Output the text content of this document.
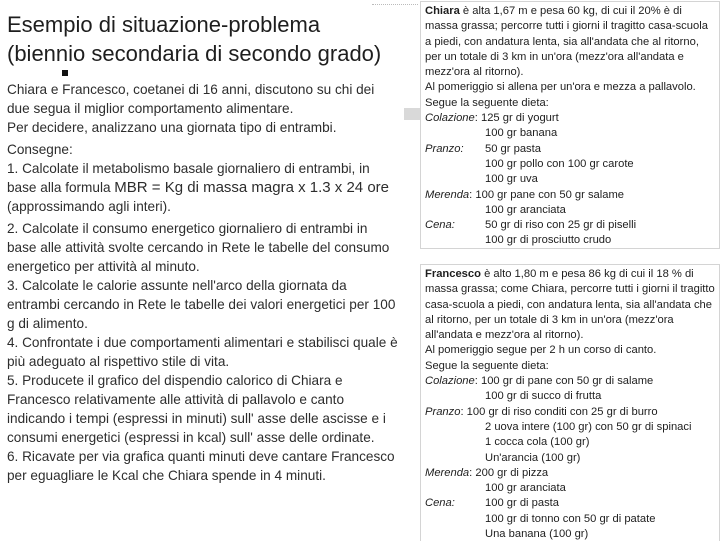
Esempio di situazione-problema
(biennio secondaria di secondo grado)

Chiara e Francesco, coetanei di 16 anni, discutono su chi dei due segua il miglior comportamento alimentare.

Per decidere, analizzano una giornata tipo di entrambi.

Consegne:

1. Calcolate il metabolismo basale giornaliero di entrambi, in base alla formula MBR = Kg di massa magra x 1.3 x 24 ore (approssimando agli interi).

2. Calcolate il consumo energetico giornaliero di entrambi in base alle attività svolte cercando in Rete le tabelle del consumo energetico per attività al minuto.

3. Calcolate le calorie assunte nell'arco della giornata da entrambi cercando in Rete le tabelle dei valori energetici per 100 g di alimento.

4. Confrontate i due comportamenti alimentari e stabilisci quale è più adeguato al rispettivo stile di vita.

5. Producete il grafico del dispendio calorico di Chiara e Francesco relativamente alle attività di pallavolo e canto indicando i tempi (espressi in minuti) sull' asse delle ascisse e i consumi energetici (espressi in kcal) sull' asse delle ordinate.

6. Ricavate per via grafica quanti minuti deve cantare Francesco per eguagliare le Kcal che Chiara spende in 4 minuti.

Chiara è alta 1,67 m e pesa 60 kg, di cui il 20% è di massa grassa; percorre tutti i giorni il tragitto casa-scuola a piedi, con andatura lenta, sia all'andata che al ritorno, per un totale di 3 km in un'ora (mezz'ora all'andata e mezz'ora al ritorno).
Al pomeriggio si allena per un'ora e mezza a pallavolo.
Segue la seguente dieta:
Colazione: 125 gr di yogurt
100 gr banana
Pranzo:	50 gr pasta
100 gr pollo con 100 gr carote
100 gr uva
Merenda : 100 gr pane con 50 gr salame
100 gr aranciata
Cena:	50 gr di riso con 25 gr di piselli
100 gr di prosciutto crudo
Francesco è alto 1,80 m e pesa 86 kg di cui il 18 % di massa grassa; come Chiara, percorre tutti i giorni il tragitto casa-scuola a piedi, con andatura lenta, sia all'andata che al ritorno, per un totale di 3 km in un'ora (mezz'ora all'andata e mezz'ora al ritorno).
Al pomeriggio segue per 2 h un corso di canto.
Segue la seguente dieta:
Colazione: 100 gr di pane con 50 gr di salame
100 gr di succo di frutta
Pranzo: 100 gr di riso conditi con 25 gr di burro
2 uova intere (100 gr) con 50 gr di spinaci
1 cocca cola (100 gr)
Un'arancia (100 gr)
Merenda: 200 gr di pizza
100 gr aranciata
Cena:	100 gr di pasta
100 gr di tonno con 50 gr di patate
Una banana (100 gr)
